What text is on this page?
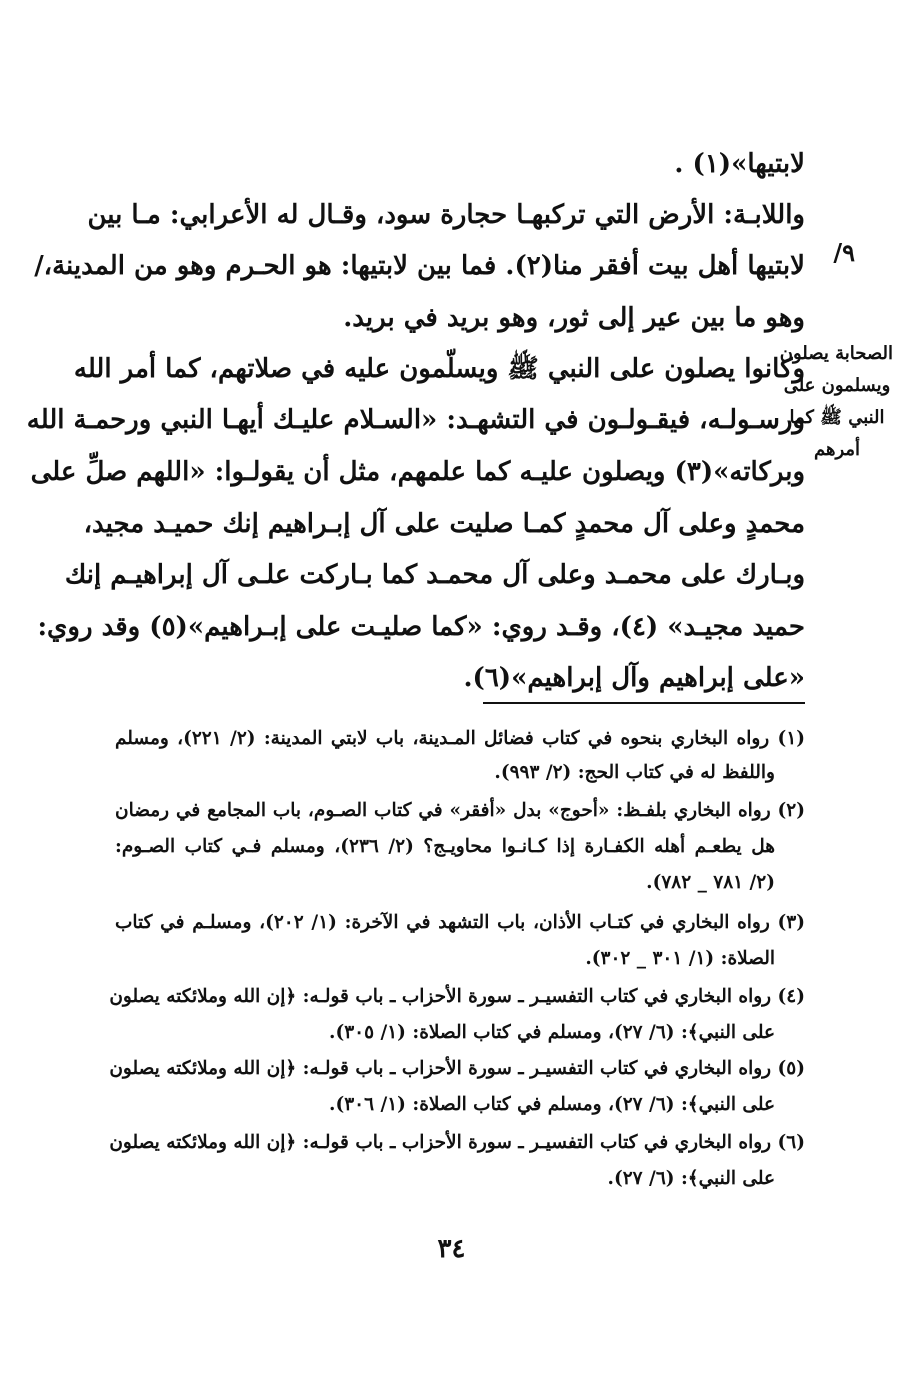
لابتيها»(١) .
واللابـة: الأرض التي تركبهـا حجارة سود، وقـال له الأعرابي: مـا بين
لابتيها أهل بيت أفقر منا(٢). فما بين لابتيها: هو الحـرم وهو من المدينة،/
وهو ما بين عير إلى ثور، وهو بريد في بريد.
وكانوا يصلون على النبي ﷺ ويسلّمون عليه في صلاتهم، كما أمر الله
ورسـولـه، فيقـولـون في التشهـد: «السـلام عليـك أيهـا النبي ورحمـة الله
وبركاته»(٣) ويصلون عليـه كما علمهم، مثل أن يقولـوا: «اللهم صلِّ على
محمدٍ وعلى آل محمدٍ كمـا صليت على آل إبـراهيم إنك حميـد مجيد،
وبـارك على محمـد وعلى آل محمـد كما بـاركت علـى آل إبراهيـم إنك
حميد مجيـد» (٤)، وقـد روي: «كما صليـت على إبـراهيم»(٥) وقد روي:
«على إبراهيم وآل إبراهيم»(٦).
٩/
الصحابة يصلون
ويسلمون على
النبي ﷺ كما
أمرهم
(١) رواه البخاري بنحوه في كتاب فضائل المـدينة، باب لابتي المدينة: (٢/ ٢٢١)، ومسلم
واللفظ له في كتاب الحج: (٢/ ٩٩٣).
(٢) رواه البخاري بلفـظ: «أحوج» بدل «أفقر» في كتاب الصـوم، باب المجامع في رمضان
هل يطعـم أهله الكفـارة إذا كـانـوا محاويـج؟ (٢/ ٢٣٦)، ومسلم فـي كتاب الصـوم:
(٢/ ٧٨١ _ ٧٨٢).
(٣) رواه البخاري في كتـاب الأذان، باب التشهد في الآخرة: (١/ ٢٠٢)، ومسلـم في كتاب
الصلاة: (١/ ٣٠١ _ ٣٠٢).
(٤) رواه البخاري في كتاب التفسيـر ـ سورة الأحزاب ـ باب قولـه: ﴿إن الله وملائكته يصلون
على النبي﴾: (٦/ ٢٧)، ومسلم في كتاب الصلاة: (١/ ٣٠٥).
(٥) رواه البخاري في كتاب التفسيـر ـ سورة الأحزاب ـ باب قولـه: ﴿إن الله وملائكته يصلون
على النبي﴾: (٦/ ٢٧)، ومسلم في كتاب الصلاة: (١/ ٣٠٦).
(٦) رواه البخاري في كتاب التفسيـر ـ سورة الأحزاب ـ باب قولـه: ﴿إن الله وملائكته يصلون
على النبي﴾: (٦/ ٢٧).
٣٤
